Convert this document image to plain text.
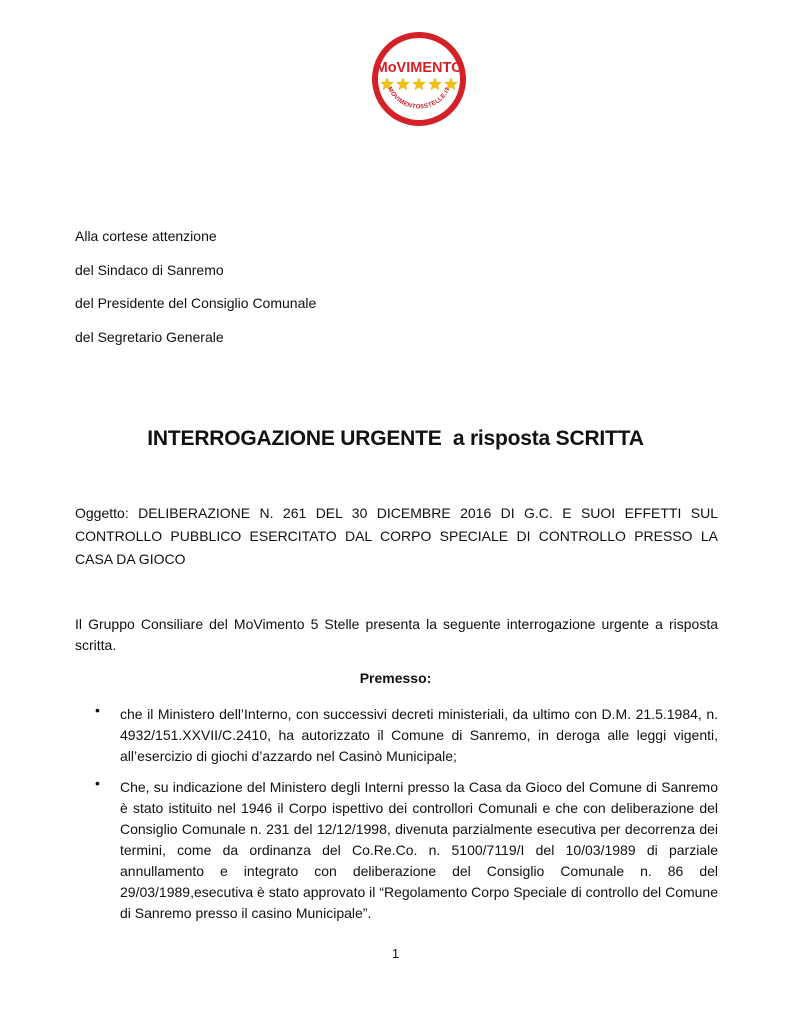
MoVIMENTO
MOVIMENTO5STELLE.IT
Alla cortese attenzione
del Sindaco di Sanremo
del Presidente del Consiglio Comunale
del Segretario Generale
INTERROGAZIONE URGENTE  a risposta SCRITTA
Oggetto: DELIBERAZIONE N. 261 DEL 30 DICEMBRE 2016 DI G.C. E SUOI EFFETTI SUL CONTROLLO PUBBLICO ESERCITATO DAL CORPO SPECIALE DI CONTROLLO PRESSO LA CASA DA GIOCO
Il Gruppo Consiliare del MoVimento 5 Stelle presenta la seguente interrogazione urgente a risposta scritta.
Premesso:
• che il Ministero dell’Interno, con successivi decreti ministeriali, da ultimo con D.M. 21.5.1984, n. 4932/151.XXVII/C.2410, ha autorizzato il Comune di Sanremo, in deroga alle leggi vigenti, all’esercizio di giochi d’azzardo nel Casinò Municipale;
• Che, su indicazione del Ministero degli Interni presso la Casa da Gioco del Comune di Sanremo è stato istituito nel 1946 il Corpo ispettivo dei controllori Comunali e che con deliberazione del Consiglio Comunale n. 231 del 12/12/1998, divenuta parzialmente esecutiva per decorrenza dei termini, come da ordinanza del Co.Re.Co. n. 5100/7119/I del 10/03/1989 di parziale annullamento e integrato con deliberazione del Consiglio Comunale n. 86 del 29/03/1989,esecutiva è stato approvato il “Regolamento Corpo Speciale di controllo del Comune di Sanremo presso il casino Municipale”.
1
